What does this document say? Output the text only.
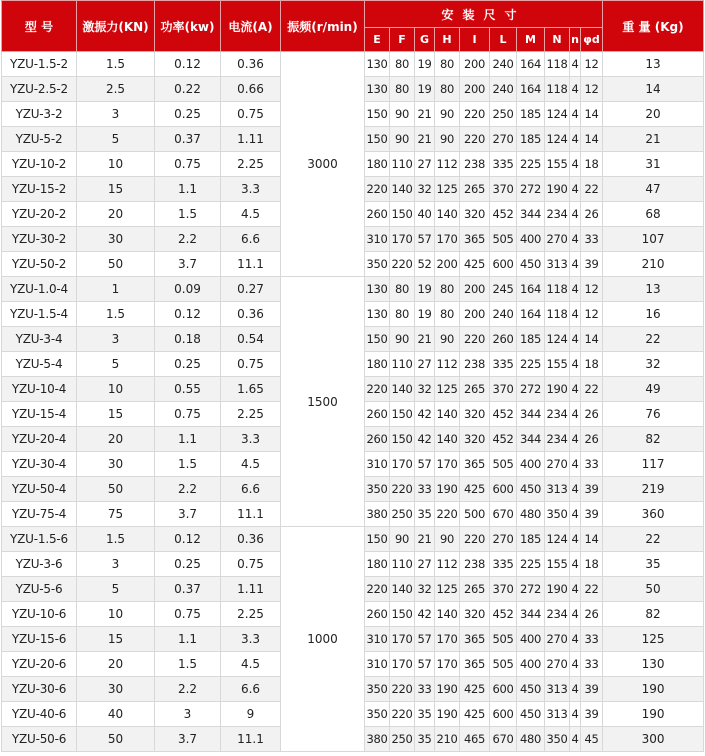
型 号	激振力(KN)	功率(kw)	电流(A)	振频(r/min)	安装尺寸										重 量 (Kg)
					E	F	G	H	I	L	M	N	n	φd	
YZU-1.5-2	1.5	0.12	0.36	3000	130	80	19	80	200	240	164	118	4	12	13
YZU-2.5-2	2.5	0.22	0.66		130	80	19	80	200	240	164	118	4	12	14
YZU-3-2	3	0.25	0.75		150	90	21	90	220	250	185	124	4	14	20
YZU-5-2	5	0.37	1.11		150	90	21	90	220	270	185	124	4	14	21
YZU-10-2	10	0.75	2.25		180	110	27	112	238	335	225	155	4	18	31
YZU-15-2	15	1.1	3.3		220	140	32	125	265	370	272	190	4	22	47
YZU-20-2	20	1.5	4.5		260	150	40	140	320	452	344	234	4	26	68
YZU-30-2	30	2.2	6.6		310	170	57	170	365	505	400	270	4	33	107
YZU-50-2	50	3.7	11.1		350	220	52	200	425	600	450	313	4	39	210
YZU-1.0-4	1	0.09	0.27	1500	130	80	19	80	200	245	164	118	4	12	13
YZU-1.5-4	1.5	0.12	0.36		130	80	19	80	200	240	164	118	4	12	16
YZU-3-4	3	0.18	0.54		150	90	21	90	220	260	185	124	4	14	22
YZU-5-4	5	0.25	0.75		180	110	27	112	238	335	225	155	4	18	32
YZU-10-4	10	0.55	1.65		220	140	32	125	265	370	272	190	4	22	49
YZU-15-4	15	0.75	2.25		260	150	42	140	320	452	344	234	4	26	76
YZU-20-4	20	1.1	3.3		260	150	42	140	320	452	344	234	4	26	82
YZU-30-4	30	1.5	4.5		310	170	57	170	365	505	400	270	4	33	117
YZU-50-4	50	2.2	6.6		350	220	33	190	425	600	450	313	4	39	219
YZU-75-4	75	3.7	11.1		380	250	35	220	500	670	480	350	4	39	360
YZU-1.5-6	1.5	0.12	0.36	1000	150	90	21	90	220	270	185	124	4	14	22
YZU-3-6	3	0.25	0.75		180	110	27	112	238	335	225	155	4	18	35
YZU-5-6	5	0.37	1.11		220	140	32	125	265	370	272	190	4	22	50
YZU-10-6	10	0.75	2.25		260	150	42	140	320	452	344	234	4	26	82
YZU-15-6	15	1.1	3.3		310	170	57	170	365	505	400	270	4	33	125
YZU-20-6	20	1.5	4.5		310	170	57	170	365	505	400	270	4	33	130
YZU-30-6	30	2.2	6.6		350	220	33	190	425	600	450	313	4	39	190
YZU-40-6	40	3	9		350	220	35	190	425	600	450	313	4	39	190
YZU-50-6	50	3.7	11.1		380	250	35	210	465	670	480	350	4	45	300
